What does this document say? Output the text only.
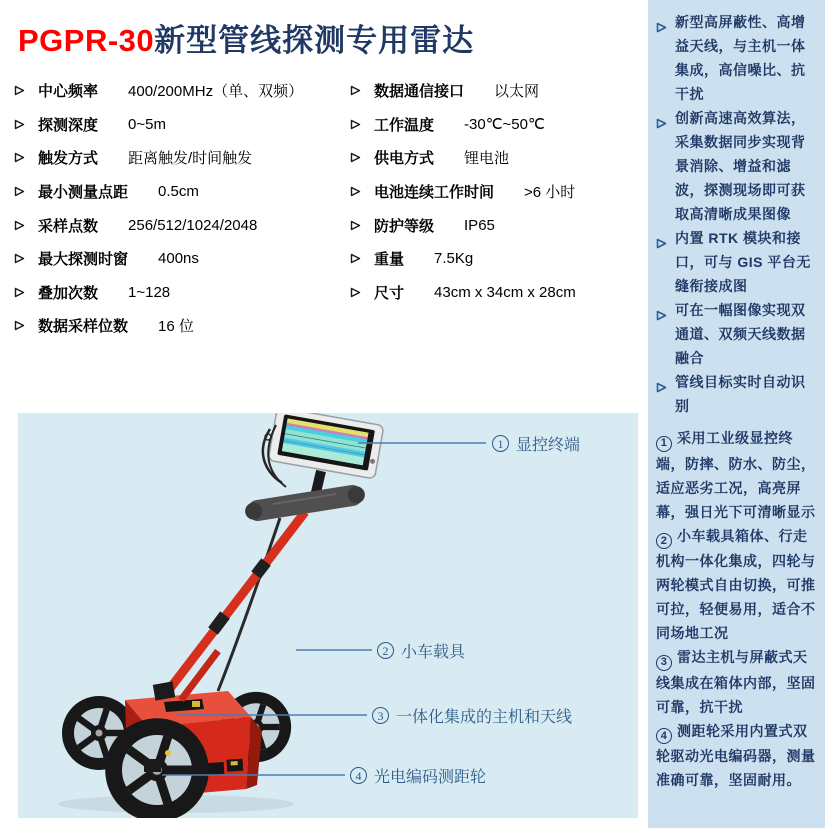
PGPR-30新型管线探测专用雷达
中心频率 400/200MHz（单、双频）
探测深度 0~5m
触发方式 距离触发/时间触发
最小测量点距 0.5cm
采样点数 256/512/1024/2048
最大探测时窗 400ns
叠加次数 1~128
数据采样位数 16 位
数据通信接口 以太网
工作温度 -30℃~50℃
供电方式 锂电池
电池连续工作时间 >6 小时
防护等级 IP65
重量 7.5Kg
尺寸 43cm x 34cm x 28cm
新型高屏蔽性、高增益天线，与主机一体集成，高信噪比、抗干扰
创新高速高效算法，采集数据同步实现背景消除、增益和滤波，探测现场即可获取高清晰成果图像
内置 RTK 模块和接口，可与 GIS 平台无缝衔接成图
可在一幅图像实现双通道、双频天线数据融合
管线目标实时自动识别

1 采用工业级显控终端，防摔、防水、防尘，适应恶劣工况，高亮屏幕，强日光下可清晰显示

2 小车载具箱体、行走机构一体化集成，四轮与两轮模式自由切换，可推可拉，轻便易用，适合不同场地工况

3 雷达主机与屏蔽式天线集成在箱体内部，坚固可靠，抗干扰

4 测距轮采用内置式双轮驱动光电编码器，测量准确可靠，坚固耐用。

1 显控终端
2 小车载具
3 一体化集成的主机和天线
4 光电编码测距轮
